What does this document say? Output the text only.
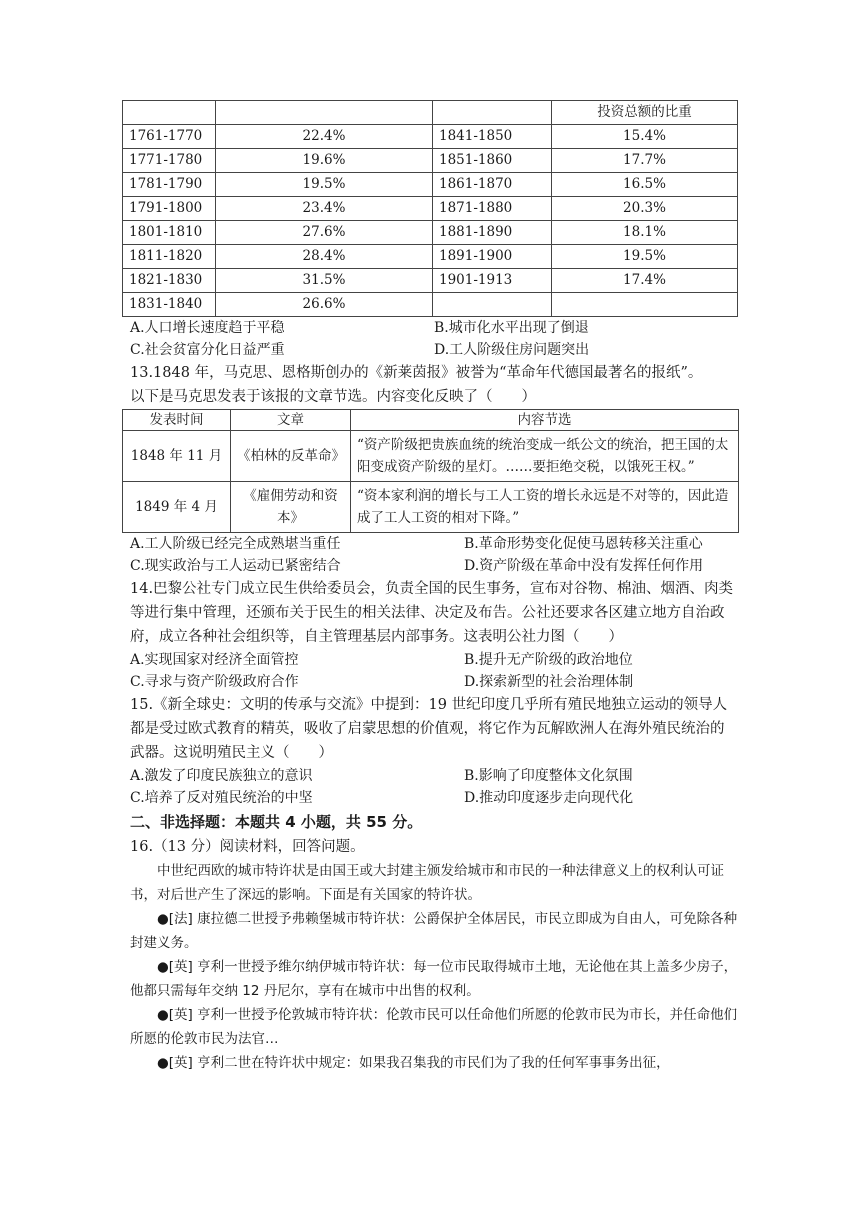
			投资总额的比重
1761-1770	22.4%	1841-1850	15.4%
1771-1780	19.6%	1851-1860	17.7%
1781-1790	19.5%	1861-1870	16.5%
1791-1800	23.4%	1871-1880	20.3%
1801-1810	27.6%	1881-1890	18.1%
1811-1820	28.4%	1891-1900	19.5%
1821-1830	31.5%	1901-1913	17.4%
1831-1840	26.6%		
A.人口增长速度趋于平稳	B.城市化水平出现了倒退
C.社会贫富分化日益严重	D.工人阶级住房问题突出

13.1848 年，马克思、恩格斯创办的《新莱茵报》被誉为“革命年代德国最著名的报纸”。

以下是马克思发表于该报的文章节选。内容变化反映了（　　）

发表时间	文章	内容节选
1848 年 11 月	《柏林的反革命》	“资产阶级把贵族血统的统治变成一纸公文的统治，把王国的太阳变成资产阶级的星灯。……要拒绝交税，以饿死王权。”
1849 年 4 月	《雇佣劳动和资本》	“资本家利润的增长与工人工资的增长永远是不对等的，因此造成了工人工资的相对下降。”
A.工人阶级已经完全成熟堪当重任	B.革命形势变化促使马恩转移关注重心
C.现实政治与工人运动已紧密结合	D.资产阶级在革命中没有发挥任何作用

14.巴黎公社专门成立民生供给委员会，负责全国的民生事务，宣布对谷物、棉油、烟酒、肉类等进行集中管理，还颁布关于民生的相关法律、决定及布告。公社还要求各区建立地方自治政府，成立各种社会组织等，自主管理基层内部事务。这表明公社力图（　　）

A.实现国家对经济全面管控	B.提升无产阶级的政治地位
C.寻求与资产阶级政府合作	D.探索新型的社会治理体制

15.《新全球史：文明的传承与交流》中提到：19 世纪印度几乎所有殖民地独立运动的领导人都是受过欧式教育的精英，吸收了启蒙思想的价值观，将它作为瓦解欧洲人在海外殖民统治的武器。这说明殖民主义（　　）

A.激发了印度民族独立的意识	B.影响了印度整体文化氛围
C.培养了反对殖民统治的中坚	D.推动印度逐步走向现代化

二、非选择题：本题共 4 小题，共 55 分。

16.（13 分）阅读材料，回答问题。

中世纪西欧的城市特许状是由国王或大封建主颁发给城市和市民的一种法律意义上的权利认可证书，对后世产生了深远的影响。下面是有关国家的特许状。

●[法] 康拉德二世授予弗赖堡城市特许状：公爵保护全体居民，市民立即成为自由人，可免除各种封建义务。

●[英] 亨利一世授予维尔纳伊城市特许状：每一位市民取得城市土地，无论他在其上盖多少房子，他都只需每年交纳 12 丹尼尔，享有在城市中出售的权利。

●[英] 亨利一世授予伦敦城市特许状：伦敦市民可以任命他们所愿的伦敦市民为市长，并任命他们所愿的伦敦市民为法官…

●[英] 亨利二世在特许状中规定：如果我召集我的市民们为了我的任何军事事务出征，
